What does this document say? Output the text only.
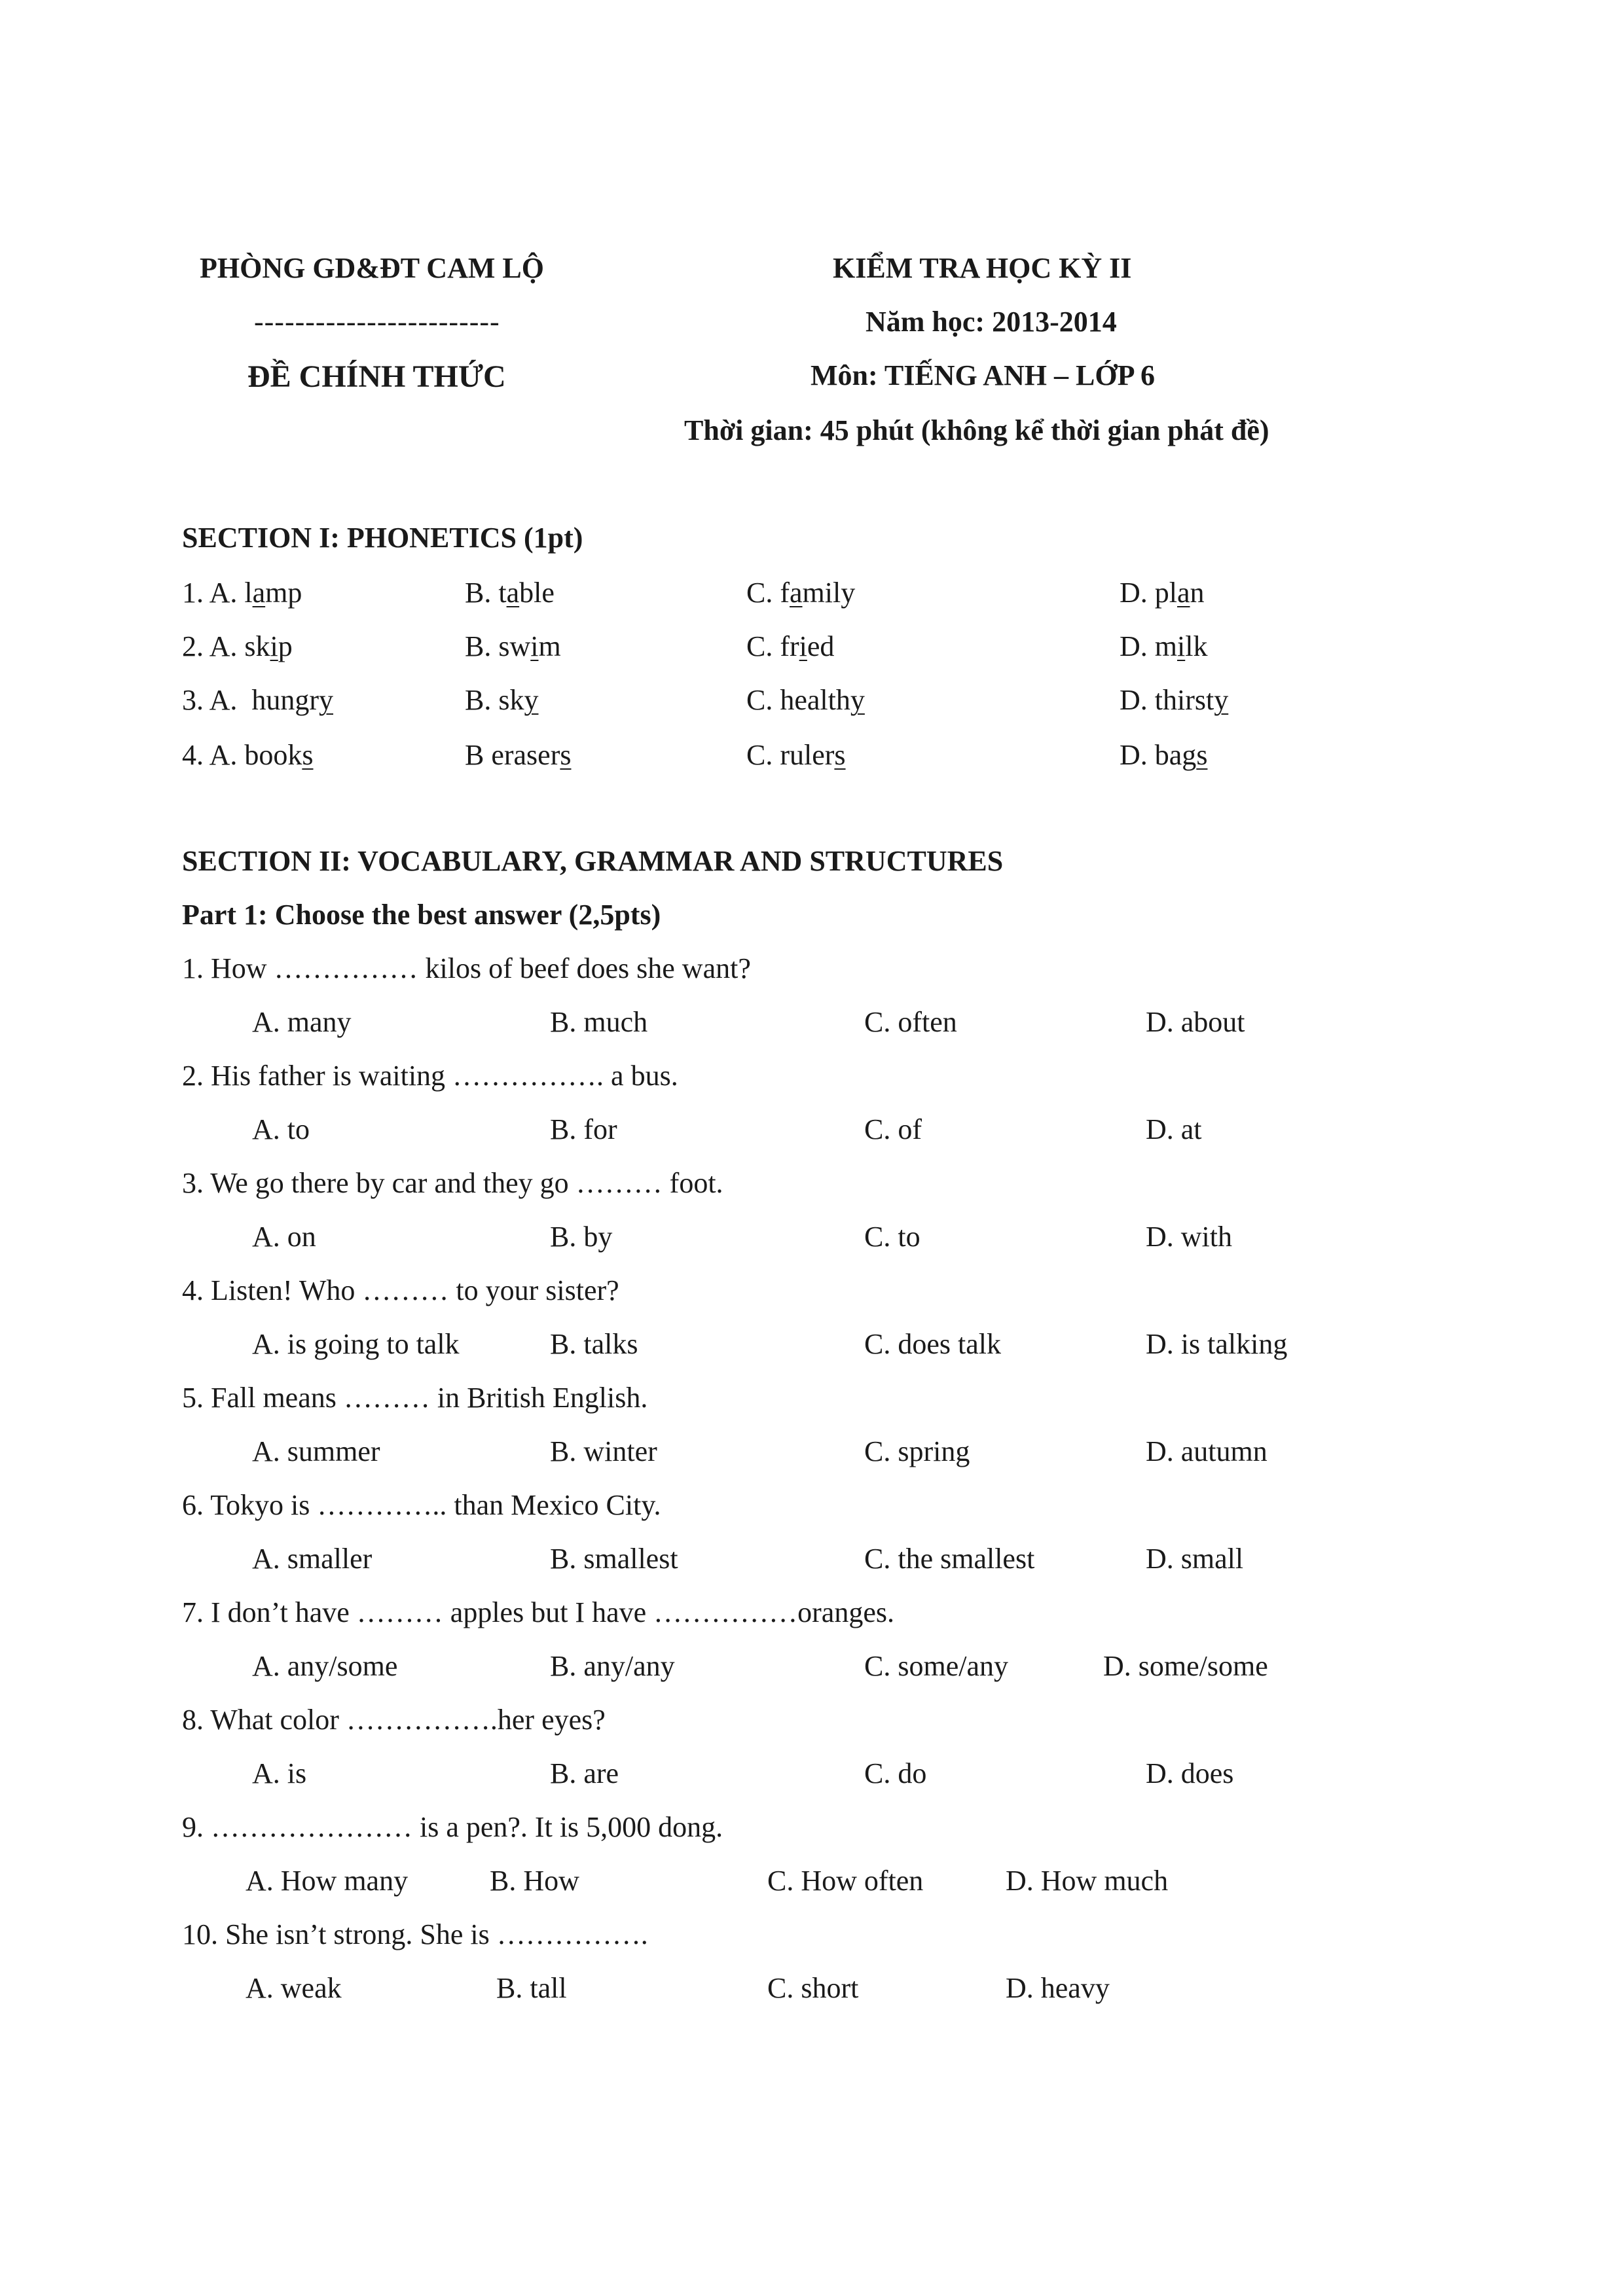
PHÒNG GD&ĐT CAM LỘ
------------------------
ĐỀ CHÍNH THỨC
KIỂM TRA HỌC KỲ II
Năm học: 2013-2014
Môn: TIẾNG ANH – LỚP 6
Thời gian: 45 phút (không kể thời gian phát đề)
SECTION I: PHONETICS (1pt)
1. A. lamp	B. table	C. family	D. plan
2. A. skip	B. swim	C. fried	D. milk
3. A.  hungry	B. sky	C. healthy	D. thirsty
4. A. books	B erasers	C. rulers	D. bags
SECTION II: VOCABULARY, GRAMMAR AND STRUCTURES
Part 1: Choose the best answer (2,5pts)
1. How …………… kilos of beef does she want?
A. many	B. much	C. often	D. about
2. His father is waiting ……………. a bus.
A. to	B. for	C. of	D. at
3. We go there by car and they go ……… foot.
A. on	B. by	C. to	D. with
4. Listen! Who ……… to your sister?
A. is going to talk	B. talks	C. does talk	D. is talking
5. Fall means ……… in British English.
A. summer	B. winter	C. spring	D. autumn
6. Tokyo is ………….. than Mexico City.
A. smaller	B. smallest	C. the smallest	D. small
7. I don’t have ……… apples but I have ……………oranges.
A. any/some	B. any/any	C. some/any	D. some/some
8. What color …………….her eyes?
A. is	B. are	C. do	D. does
9. ………………… is a pen?. It is 5,000 dong.
A. How many	B. How	C. How often	D. How much
10. She isn’t strong. She is …………….
A. weak	B. tall	C. short	D. heavy
